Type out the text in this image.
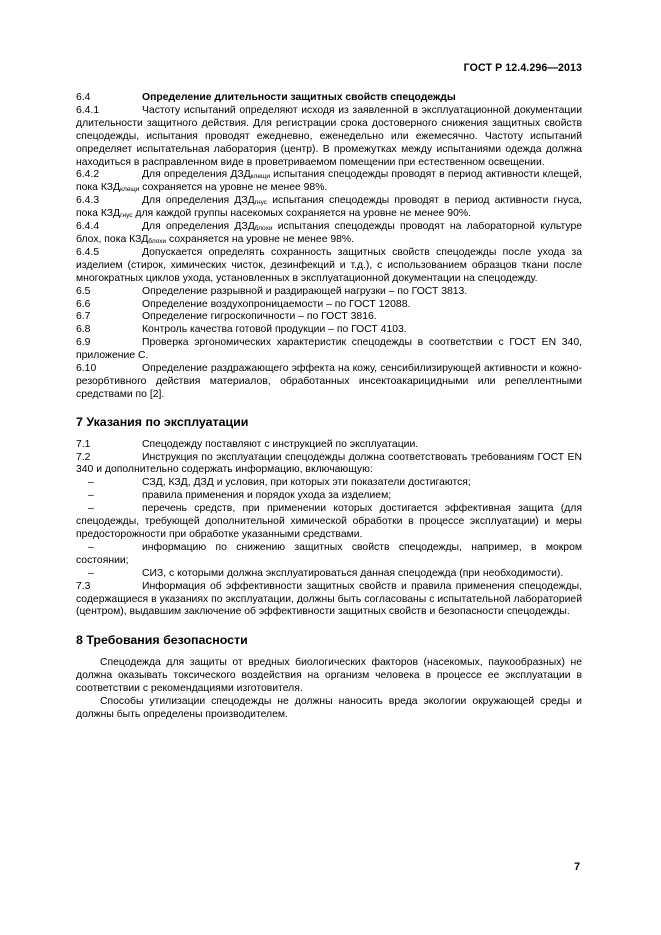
ГОСТ Р 12.4.296—2013

6.4	Определение длительности защитных свойств спецодежды

6.4.1	Частоту испытаний определяют исходя из заявленной в эксплуатационной документации длительности защитного действия. Для регистрации срока достоверного снижения защитных свойств спецодежды, испытания проводят ежедневно, еженедельно или ежемесячно. Частоту испытаний определяет испытательная лаборатория (центр). В промежутках между испытаниями одежда должна находиться в расправленном виде в проветриваемом помещении при естественном освещении.

6.4.2	Для определения $ДЗД_{клещи}$ испытания спецодежды проводят в период активности клещей, пока $КЗД_{клещи}$ сохраняется на уровне не менее 98%.

6.4.3	Для определения $ДЗД_{гнус}$ испытания спецодежды проводят в период активности гнуса, пока $КЗД_{гнус}$ для каждой группы насекомых сохраняется на уровне не менее 90%.

6.4.4	Для определения $ДЗД_{блохи}$ испытания спецодежды проводят на лабораторной культуре блох, пока $КЗД_{блохи}$ сохраняется на уровне не менее 98%.

6.4.5	Допускается определять сохранность защитных свойств спецодежды после ухода за изделием (стирок, химических чисток, дезинфекций и т.д.), с использованием образцов ткани после многократных циклов ухода, установленных в эксплуатационной документации на спецодежду.

6.5	Определение разрывной и раздирающей нагрузки – по ГОСТ 3813.

6.6	Определение воздухопроницаемости – по ГОСТ 12088.

6.7	Определение гигроскопичности – по ГОСТ 3816.

6.8	Контроль качества готовой продукции – по ГОСТ 4103.

6.9	Проверка эргономических характеристик спецодежды в соответствии с ГОСТ EN 340, приложение С.

6.10	Определение раздражающего эффекта на кожу, сенсибилизирующей активности и кожно-резорбтивного действия материалов, обработанных инсектоакарицидными или репеллентными средствами по [2].

7 Указания по эксплуатации

7.1	Спецодежду поставляют с инструкцией по эксплуатации.

7.2	Инструкция по эксплуатации спецодежды должна соответствовать требованиям ГОСТ EN 340 и дополнительно содержать информацию, включающую:

–	СЗД, КЗД, ДЗД и условия, при которых эти показатели достигаются;

–	правила применения и порядок ухода за изделием;

–	перечень средств, при применении которых достигается эффективная защита (для спецодежды, требующей дополнительной химической обработки в процессе эксплуатации) и меры предосторожности при обработке указанными средствами.

–	информацию по снижению защитных свойств спецодежды, например, в мокром состоянии;

–	СИЗ, с которыми должна эксплуатироваться данная спецодежда (при необходимости).

7.3	Информация об эффективности защитных свойств и правила применения спецодежды, содержащиеся в указаниях по эксплуатации, должны быть согласованы с испытательной лабораторией (центром), выдавшим заключение об эффективности защитных свойств и безопасности спецодежды.

8 Требования безопасности

Спецодежда для защиты от вредных биологических факторов (насекомых, паукообразных) не должна оказывать токсического воздействия на организм человека в процессе ее эксплуатации в соответствии с рекомендациями изготовителя.

Способы утилизации спецодежды не должны наносить вреда экологии окружающей среды и должны быть определены производителем.

7
